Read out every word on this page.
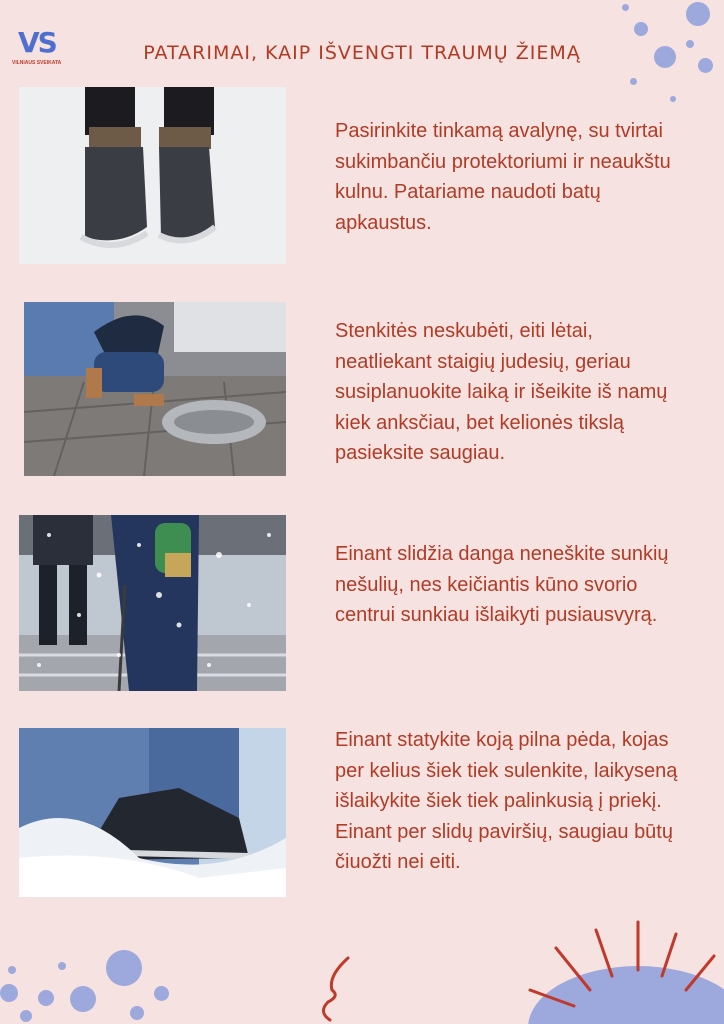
VS
VILNIAUS SVEIKATA	PATARIMAI, KAIP IŠVENGTI TRAUMŲ ŽIEMĄ
Pasirinkite tinkamą avalynę, su tvirtai sukimbančiu protektoriumi ir neaukštu kulnu. Patariame naudoti batų apkaustus.
Stenkitės neskubėti, eiti lėtai, neatliekant staigių judesių, geriau susiplanuokite laiką ir išeikite iš namų kiek anksčiau, bet kelionės tikslą pasieksite saugiau.
Einant slidžia danga neneškite sunkių nešulių, nes keičiantis kūno svorio centrui sunkiau išlaikyti pusiausvyrą.
Einant statykite koją pilna pėda, kojas per kelius šiek tiek sulenkite, laikyseną išlaikykite šiek tiek palinkusią į priekį. Einant per slidų paviršių, saugiau būtų čiuožti nei eiti.
